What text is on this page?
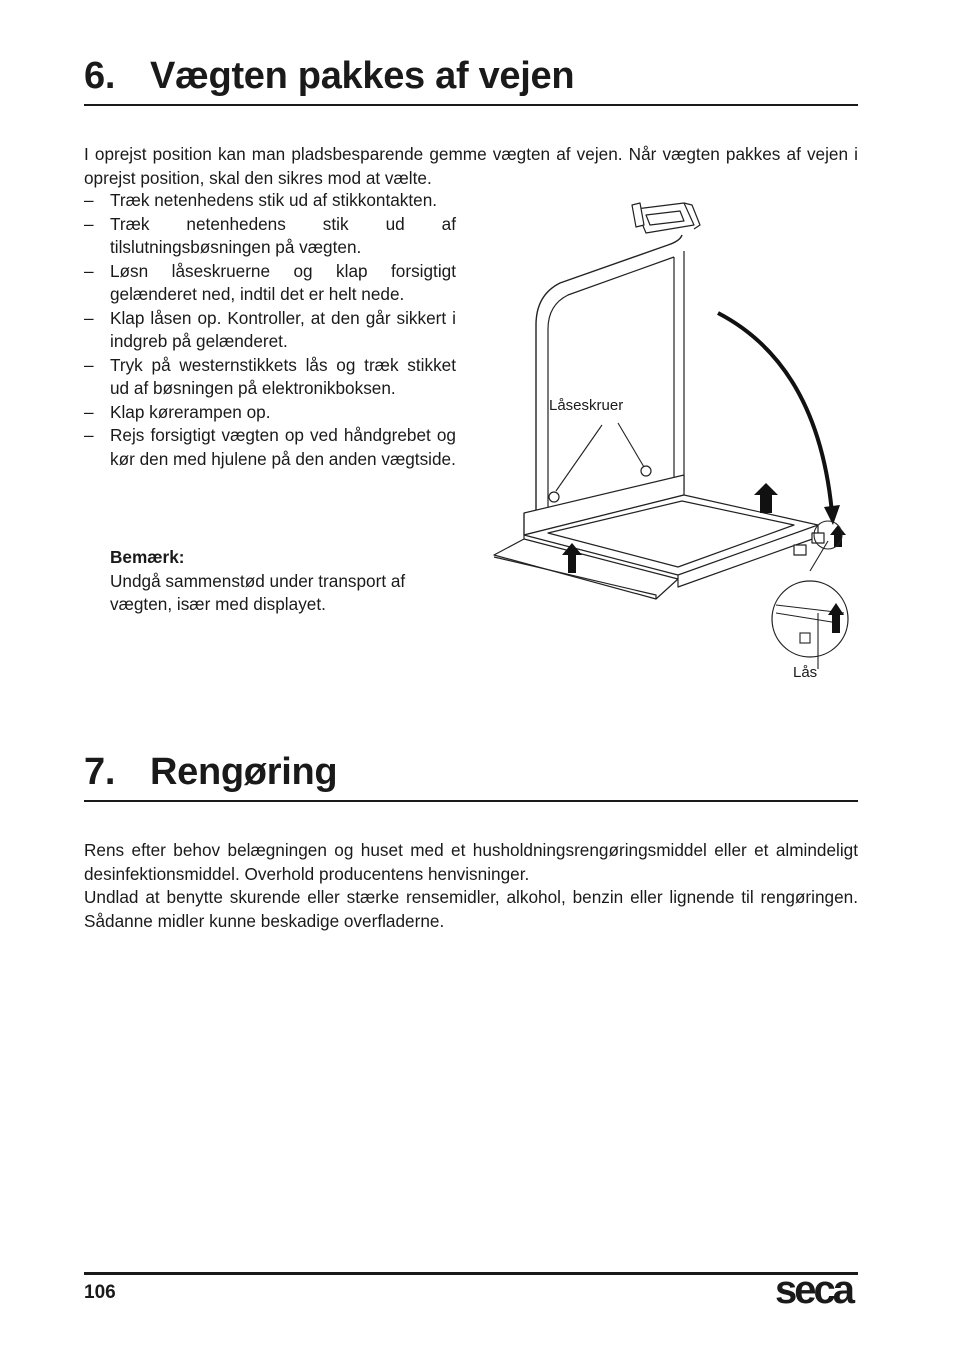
6. Vægten pakkes af vejen

I oprejst position kan man pladsbesparende gemme vægten af vejen. Når vægten pakkes af vejen i oprejst position, skal den sikres mod at vælte.

– Træk netenhedens stik ud af stikkontakten.
– Træk netenhedens stik ud af tilslutningsbøsningen på vægten.
– Løsn låseskruerne og klap forsigtigt gelænderet ned, indtil det er helt nede.
– Klap låsen op. Kontroller, at den går sikkert i indgreb på gelænderet.
– Tryk på westernstikkets lås og træk stikket ud af bøsningen på elektronikboksen.
– Klap kørerampen op.
– Rejs forsigtigt vægten op ved håndgrebet og kør den med hjulene på den anden vægtside.
Bemærk:
Undgå sammenstød under transport af vægten, især med displayet.
Låseskruer
Lås
7. Rengøring

Rens efter behov belægningen og huset med et husholdningsrengøringsmiddel eller et almindeligt desinfektionsmiddel. Overhold producentens henvisninger.

Undlad at benytte skurende eller stærke rensemidler, alkohol, benzin eller lignende til rengøringen. Sådanne midler kunne beskadige overfladerne.

106	seca
